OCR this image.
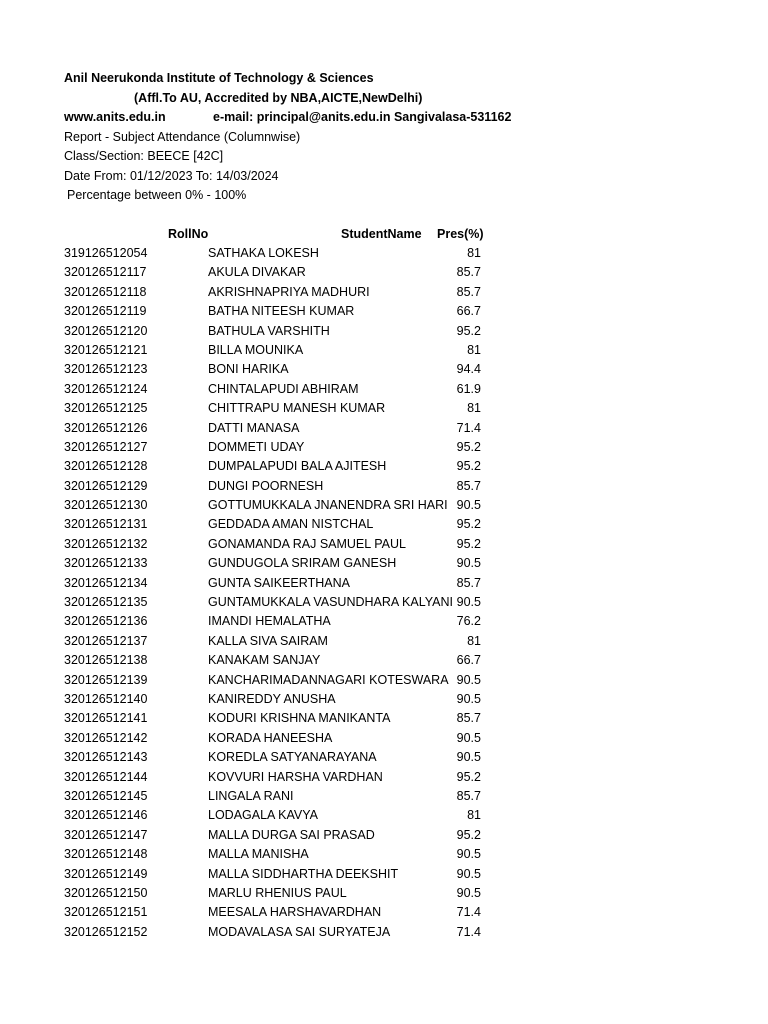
Anil Neerukonda Institute of Technology & Sciences
(Affl.To AU, Accredited by NBA,AICTE,NewDelhi)
www.anits.edu.in	e-mail: principal@anits.edu.in Sangivalasa-531162
Report - Subject Attendance (Columnwise)
Class/Section: BEECE [42C]
Date From: 01/12/2023 To: 14/03/2024
Percentage between 0% - 100%
RollNo	StudentName Pres(%)
319126512054	SATHAKA LOKESH	81
320126512117	AKULA DIVAKAR	85.7
320126512118	AKRISHNAPRIYA MADHURI	85.7
320126512119	BATHA NITEESH KUMAR	66.7
320126512120	BATHULA VARSHITH	95.2
320126512121	BILLA MOUNIKA	81
320126512123	BONI HARIKA	94.4
320126512124	CHINTALAPUDI ABHIRAM	61.9
320126512125	CHITTRAPU MANESH KUMAR	81
320126512126	DATTI MANASA	71.4
320126512127	DOMMETI UDAY	95.2
320126512128	DUMPALAPUDI BALA AJITESH	95.2
320126512129	DUNGI POORNESH	85.7
320126512130	GOTTUMUKKALA JNANENDRA SRI HARI 90.5
320126512131	GEDDADA AMAN NISTCHAL	95.2
320126512132	GONAMANDA RAJ SAMUEL PAUL	95.2
320126512133	GUNDUGOLA SRIRAM GANESH	90.5
320126512134	GUNTA SAIKEERTHANA	85.7
320126512135	GUNTAMUKKALA VASUNDHARA KALYANI 90.5
320126512136	IMANDI HEMALATHA	76.2
320126512137	KALLA SIVA SAIRAM	81
320126512138	KANAKAM SANJAY	66.7
320126512139	KANCHARIMADANNAGARI KOTESWARA 90.5
320126512140	KANIREDDY ANUSHA	90.5
320126512141	KODURI KRISHNA MANIKANTA	85.7
320126512142	KORADA HANEESHA	90.5
320126512143	KOREDLA SATYANARAYANA	90.5
320126512144	KOVVURI HARSHA VARDHAN	95.2
320126512145	LINGALA RANI	85.7
320126512146	LODAGALA KAVYA	81
320126512147	MALLA DURGA SAI PRASAD	95.2
320126512148	MALLA MANISHA	90.5
320126512149	MALLA SIDDHARTHA DEEKSHIT	90.5
320126512150	MARLU RHENIUS PAUL	90.5
320126512151	MEESALA HARSHAVARDHAN	71.4
320126512152	MODAVALASA SAI SURYATEJA	71.4
